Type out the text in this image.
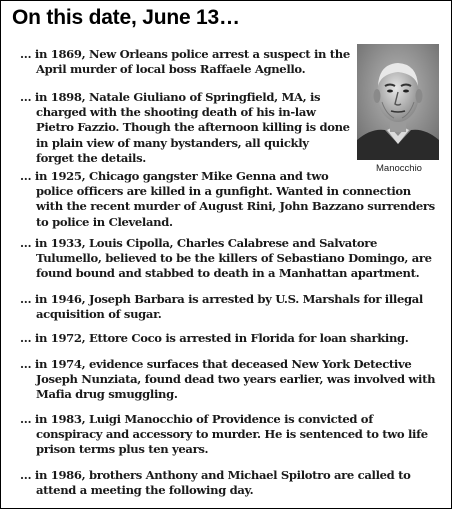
On this date, June 13…
Manocchio
… in 1869, New Orleans police arrest a suspect in the
April murder of local boss Raffaele Agnello.
… in 1898, Natale Giuliano of Springfield, MA, is
charged with the shooting death of his in-law
Pietro Fazzio. Though the afternoon killing is done
in plain view of many bystanders, all quickly
forget the details.
… in 1925, Chicago gangster Mike Genna and two
police officers are killed in a gunfight. Wanted in connection
with the recent murder of August Rini, John Bazzano surrenders
to police in Cleveland.
… in 1933, Louis Cipolla, Charles Calabrese and Salvatore
Tulumello, believed to be the killers of Sebastiano Domingo, are
found bound and stabbed to death in a Manhattan apartment.
… in 1946, Joseph Barbara is arrested by U.S. Marshals for illegal
acquisition of sugar.
… in 1972, Ettore Coco is arrested in Florida for loan sharking.
… in 1974, evidence surfaces that deceased New York Detective
Joseph Nunziata, found dead two years earlier, was involved with
Mafia drug smuggling.
… in 1983, Luigi Manocchio of Providence is convicted of
conspiracy and accessory to murder. He is sentenced to two life
prison terms plus ten years.
… in 1986, brothers Anthony and Michael Spilotro are called to
attend a meeting the following day.
